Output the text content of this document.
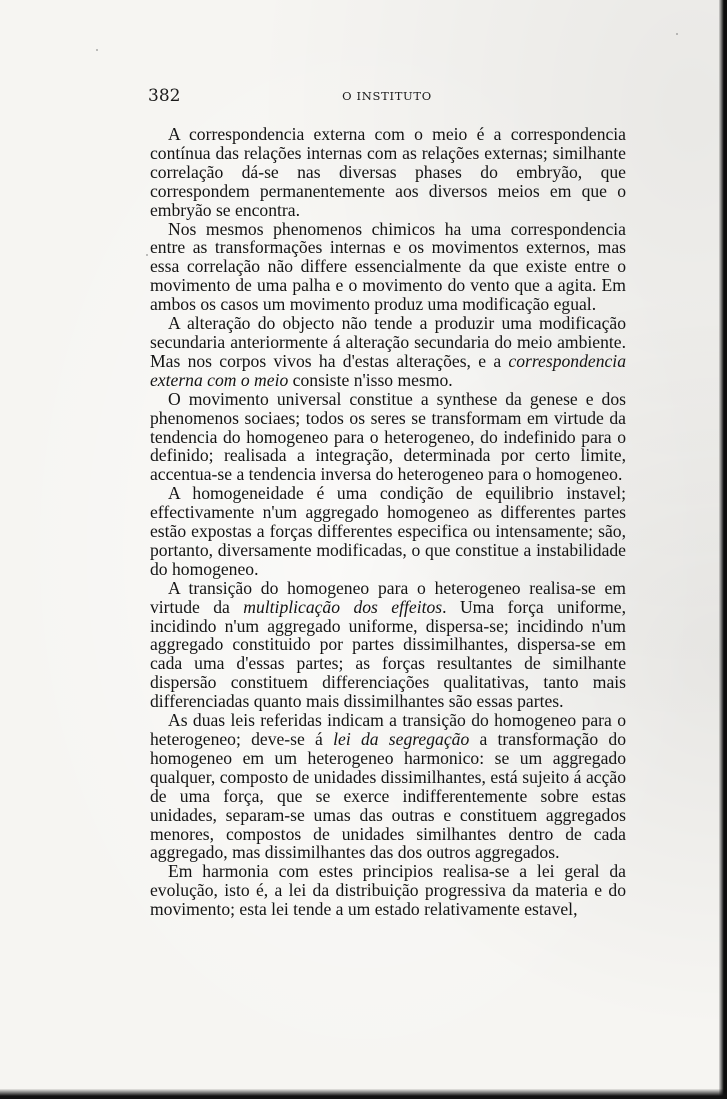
382	O INSTITUTO

A correspondencia externa com o meio é a correspondencia contínua das relações internas com as relações externas; similhante correlação dá-se nas diversas phases do embryão, que correspondem permanentemente aos diversos meios em que o embryão se encontra.

Nos mesmos phenomenos chimicos ha uma correspondencia entre as transformações internas e os movimentos externos, mas essa correlação não differe essencialmente da que existe entre o movimento de uma palha e o movimento do vento que a agita. Em ambos os casos um movimento produz uma modificação egual.

A alteração do objecto não tende a produzir uma modificação secundaria anteriormente á alteração secundaria do meio ambiente. Mas nos corpos vivos ha d'estas alterações, e a correspondencia externa com o meio consiste n'isso mesmo.

O movimento universal constitue a synthese da genese e dos phenomenos sociaes; todos os seres se transformam em virtude da tendencia do homogeneo para o heterogeneo, do indefinido para o definido; realisada a integração, determinada por certo limite, accentua-se a tendencia inversa do heterogeneo para o homogeneo.

A homogeneidade é uma condição de equilibrio instavel; effectivamente n'um aggregado homogeneo as differentes partes estão expostas a forças differentes especifica ou intensamente; são, portanto, diversamente modificadas, o que constitue a instabilidade do homogeneo.

A transição do homogeneo para o heterogeneo realisa-se em virtude da multiplicação dos effeitos. Uma força uniforme, incidindo n'um aggregado uniforme, dispersa-se; incidindo n'um aggregado constituido por partes dissimilhantes, dispersa-se em cada uma d'essas partes; as forças resultantes de similhante dispersão constituem differenciações qualitativas, tanto mais differenciadas quanto mais dissimilhantes são essas partes.

As duas leis referidas indicam a transição do homogeneo para o heterogeneo; deve-se á lei da segregação a transformação do homogeneo em um heterogeneo harmonico: se um aggregado qualquer, composto de unidades dissimilhantes, está sujeito á acção de uma força, que se exerce indifferentemente sobre estas unidades, separam-se umas das outras e constituem aggregados menores, compostos de unidades similhantes dentro de cada aggregado, mas dissimilhantes das dos outros aggregados.

Em harmonia com estes principios realisa-se a lei geral da evolução, isto é, a lei da distribuição progressiva da materia e do movimento; esta lei tende a um estado relativamente estavel,
